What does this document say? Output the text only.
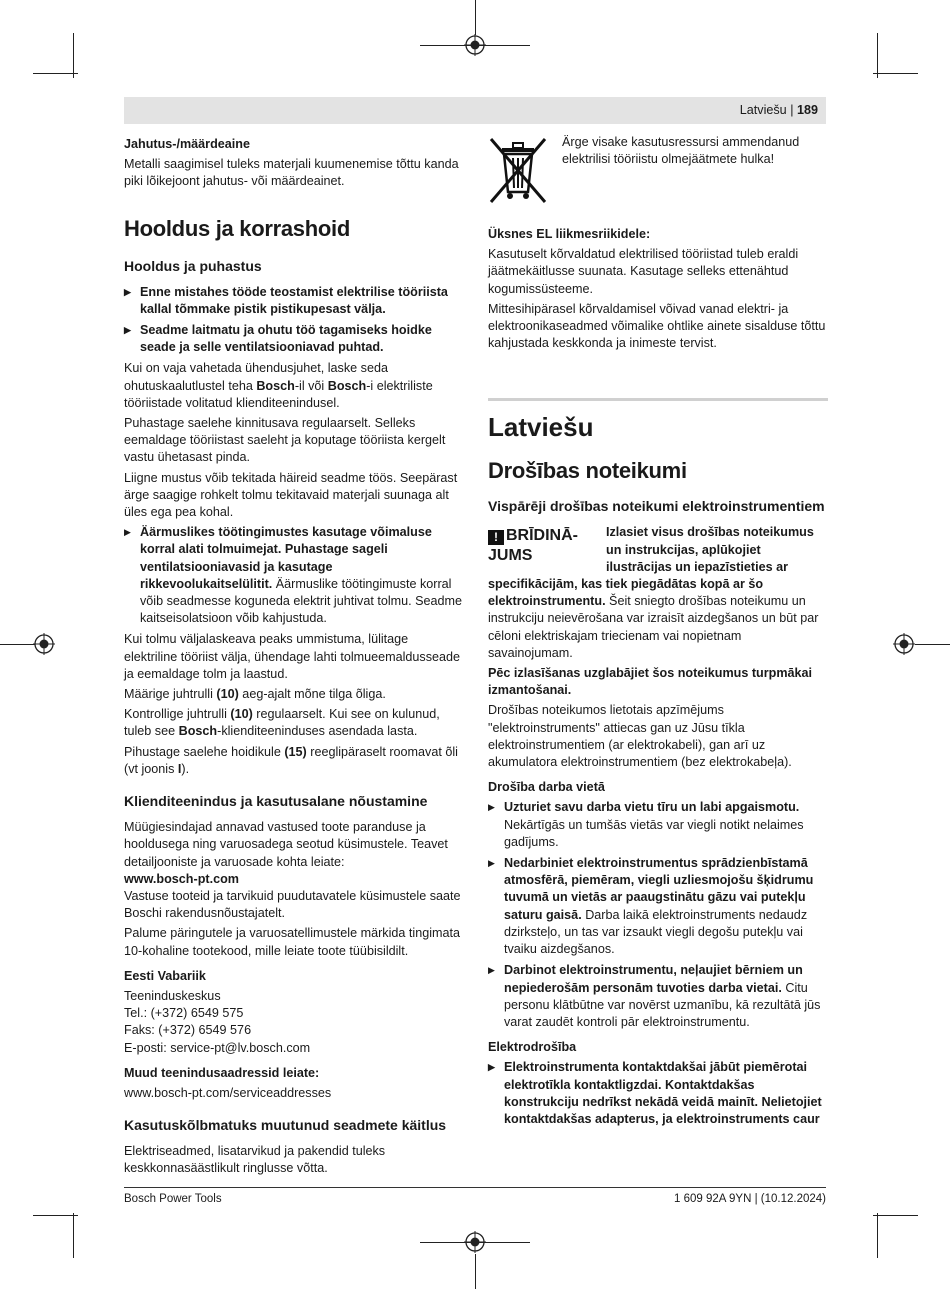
Latviešu | 189
Jahutus-/määrdeaine

Metalli saagimisel tuleks materjali kuumenemise tõttu kanda piki lõikejoont jahutus- või määrdeainet.

Hooldus ja korrashoid
Hooldus ja puhastus
▶ Enne mistahes tööde teostamist elektrilise tööriista kallal tõmmake pistik pistikupesast välja.
▶ Seadme laitmatu ja ohutu töö tagamiseks hoidke seade ja selle ventilatsiooniavad puhtad.

Kui on vaja vahetada ühendusjuhet, laske seda ohutuskaalutlustel teha Bosch-il või Bosch-i elektriliste tööriistade volitatud klienditeenindusel.

Puhastage saelehe kinnitusava regulaarselt. Selleks eemaldage tööriistast saeleht ja koputage tööriista kergelt vastu ühetasast pinda.

Liigne mustus võib tekitada häireid seadme töös. Seepärast ärge saagige rohkelt tolmu tekitavaid materjali suunaga alt üles ega pea kohal.

▶ Äärmuslikes töötingimustes kasutage võimaluse korral alati tolmuimejat. Puhastage sageli ventilatsiooniavasid ja kasutage rikkevoolukaitselülitit. Äärmuslike töötingimuste korral võib seadmesse koguneda elektrit juhtivat tolmu. Seadme kaitseisolatsioon võib kahjustuda.

Kui tolmu väljalaskeava peaks ummistuma, lülitage elektriline tööriist välja, ühendage lahti tolmueemaldusseade ja eemaldage tolm ja laastud.

Määrige juhtrulli (10) aeg-ajalt mõne tilga õliga.

Kontrollige juhtrulli (10) regulaarselt. Kui see on kulunud, tuleb see Bosch-klienditeeninduses asendada lasta.

Pihustage saelehe hoidikule (15) reeglipäraselt roomavat õli (vt joonis I).

Klienditeenindus ja kasutusalane nõustamine

Müügiesindajad annavad vastused toote paranduse ja hooldusega ning varuosadega seotud küsimustele. Teavet detailjooniste ja varuosade kohta leiate:

www.bosch-pt.com

Vastuse tooteid ja tarvikuid puudutavatele küsimustele saate Boschi rakendusnõustajatelt.

Palume päringutele ja varuosatellimustele märkida tingimata 10-kohaline tootekood, mille leiate toote tüübisildilt.

Eesti Vabariik

Teeninduskeskus

Tel.: (+372) 6549 575

Faks: (+372) 6549 576

E-posti: service-pt@lv.bosch.com

Muud teenindusaadressid leiate:

www.bosch-pt.com/serviceaddresses

Kasutuskõlbmatuks muutunud seadmete käitlus

Elektriseadmed, lisatarvikud ja pakendid tuleks keskkonnasäästlikult ringlusse võtta.

Ärge visake kasutusressursi ammendanud elektrilisi tööriistu olmejäätmete hulka!

Üksnes EL liikmesriikidele:

Kasutuselt kõrvaldatud elektrilised tööriistad tuleb eraldi jäätmekäitlusse suunata. Kasutage selleks ettenähtud kogumissüsteeme.

Mittesihipärasel kõrvaldamisel võivad vanad elektri- ja elektroonikaseadmed võimalike ohtlike ainete sisalduse tõttu kahjustada keskkonda ja inimeste tervist.

Latviešu
Drošības noteikumi
Vispārēji drošības noteikumi elektroinstrumentiem
! BRĪDINĀ-JUMS

Izlasiet visus drošības noteikumus un instrukcijas, aplūkojiet ilustrācijas un iepazīstieties ar specifikācijām, kas tiek piegādātas kopā ar šo elektroinstrumentu. Šeit sniegto drošības noteikumu un instrukciju neievērošana var izraisīt aizdegšanos un būt par cēloni elektriskajam triecienam vai nopietnam savainojumam.

Pēc izlasīšanas uzglabājiet šos noteikumus turpmākai izmantošanai.

Drošības noteikumos lietotais apzīmējums "elektroinstruments" attiecas gan uz Jūsu tīkla elektroinstrumentiem (ar elektrokabeli), gan arī uz akumulatora elektroinstrumentiem (bez elektrokabeļa).

Drošība darba vietā
▶ Uzturiet savu darba vietu tīru un labi apgaismotu. Nekārtīgās un tumšās vietās var viegli notikt nelaimes gadījums.
▶ Nedarbiniet elektroinstrumentus sprādzienbīstamā atmosfērā, piemēram, viegli uzliesmojošu šķidrumu tuvumā un vietās ar paaugstinātu gāzu vai putekļu saturu gaisā. Darba laikā elektroinstruments nedaudz dzirksteļo, un tas var izsaukt viegli degošu putekļu vai tvaiku aizdegšanos.
▶ Darbinot elektroinstrumentu, neļaujiet bērniem un nepiederošām personām tuvoties darba vietai. Citu personu klātbūtne var novērst uzmanību, kā rezultātā jūs varat zaudēt kontroli pār elektroinstrumentu.
Elektrodrošība
▶ Elektroinstrumenta kontaktdakšai jābūt piemērotai elektrotīkla kontaktligzdai. Kontaktdakšas konstrukciju nedrīkst nekādā veidā mainīt. Nelietojiet kontaktdakšas adapterus, ja elektroinstruments caur
Bosch Power Tools	1 609 92A 9YN | (10.12.2024)
